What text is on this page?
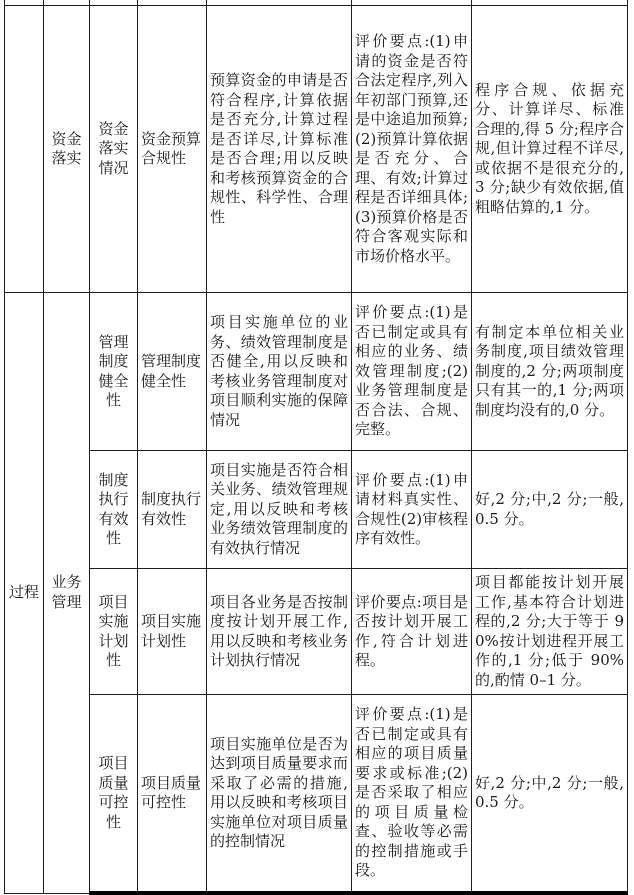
	资金落实	资金落实情况	资金预算合规性	预算资金的申请是否符合程序,计算依据是否充分,计算过程是否详尽,计算标准是否合理;用以反映和考核预算资金的合规性、科学性、合理性	评价要点:(1)申请的资金是否符合法定程序,列入年初部门预算,还是中途追加预算;(2)预算计算依据是否充分、合理、有效;计算过程是否详细具体;(3)预算价格是否符合客观实际和市场价格水平。	程序合规、依据充分、计算详尽、标准合理的,得 5 分;程序合规,但计算过程不详尽,或依据不是很充分的,3 分;缺少有效依据,值粗略估算的,1 分。
过程	业务管理	管理制度健全性	管理制度健全性	项目实施单位的业务、绩效管理制度是否健全,用以反映和考核业务管理制度对项目顺利实施的保障情况	评价要点:(1)是否已制定或具有相应的业务、绩效管理制度;(2)业务管理制度是否合法、合规、完整。	有制定本单位相关业务制度,项目绩效管理制度的,2 分;两项制度只有其一的,1 分;两项制度均没有的,0 分。
		制度执行有效性	制度执行有效性	项目实施是否符合相关业务、绩效管理规定,用以反映和考核业务绩效管理制度的有效执行情况	评价要点:(1)申请材料真实性、合规性(2)审核程序有效性。	好,2 分;中,2 分;一般,0.5 分。
		项目实施计划性	项目实施计划性	项目各业务是否按制度按计划开展工作,用以反映和考核业务计划执行情况	评价要点:项目是否按计划开展工作,符合计划进程。	项目都能按计划开展工作,基本符合计划进程的,2 分;大于等于 90%按计划进程开展工作的,1 分;低于 90%的,酌情 0–1 分。
		项目质量可控性	项目质量可控性	项目实施单位是否为达到项目质量要求而采取了必需的措施,用以反映和考核项目实施单位对项目质量的控制情况	评价要点:(1)是否已制定或具有相应的项目质量要求或标准;(2)是否采取了相应的项目质量检查、验收等必需的控制措施或手段。	好,2 分;中,2 分;一般,0.5 分。
